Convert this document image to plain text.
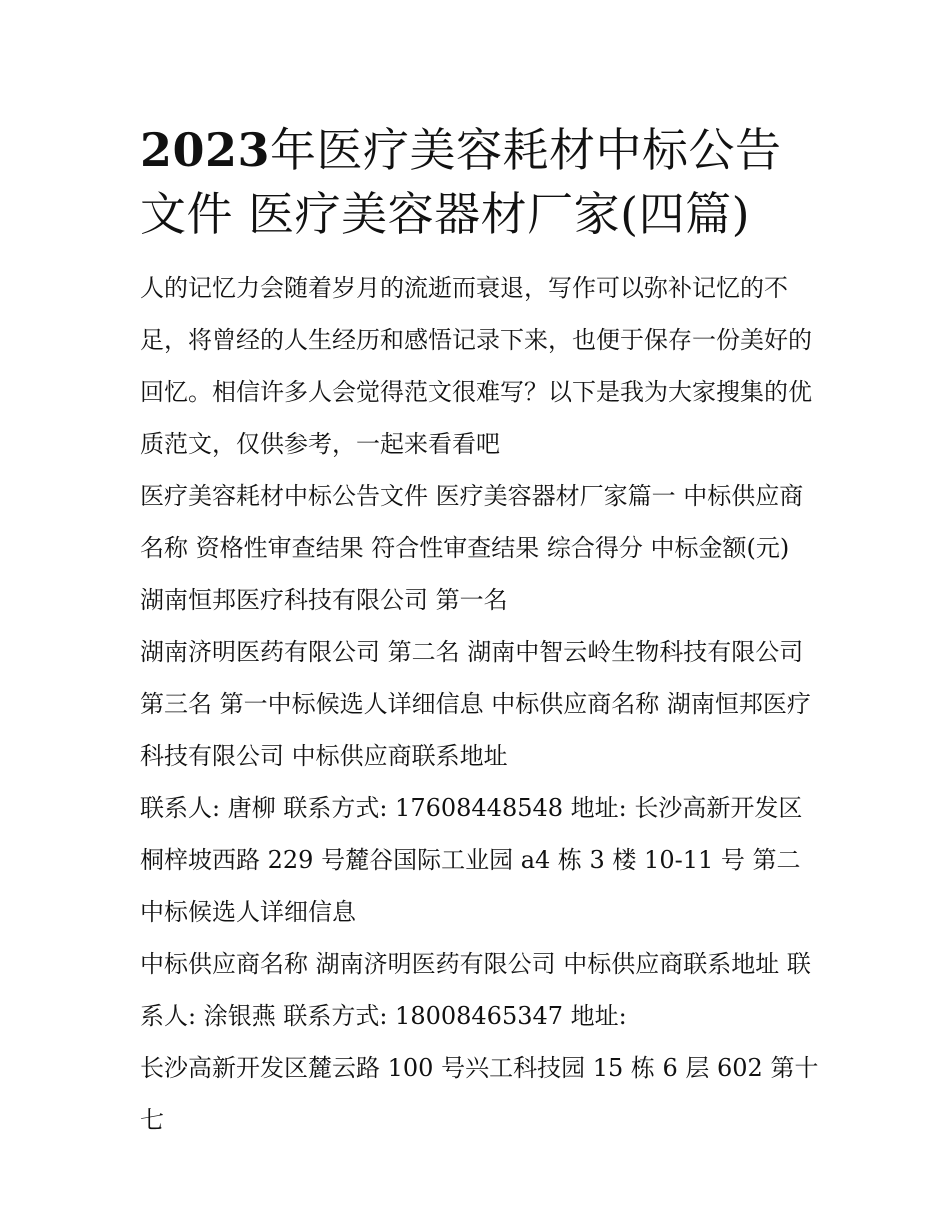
2023年医疗美容耗材中标公告文件 医疗美容器材厂家(四篇)

人的记忆力会随着岁月的流逝而衰退，写作可以弥补记忆的不足，将曾经的人生经历和感悟记录下来，也便于保存一份美好的回忆。相信许多人会觉得范文很难写？以下是我为大家搜集的优质范文，仅供参考，一起来看看吧

医疗美容耗材中标公告文件 医疗美容器材厂家篇一 中标供应商名称 资格性审查结果 符合性审查结果 综合得分 中标金额(元) 湖南恒邦医疗科技有限公司 第一名

湖南济明医药有限公司 第二名 湖南中智云岭生物科技有限公司 第三名 第一中标候选人详细信息 中标供应商名称 湖南恒邦医疗科技有限公司 中标供应商联系地址

联系人: 唐柳 联系方式: 17608448548 地址: 长沙高新开发区桐梓坡西路 229 号麓谷国际工业园 a4 栋 3 楼 10-11 号 第二中标候选人详细信息

中标供应商名称 湖南济明医药有限公司 中标供应商联系地址 联系人: 涂银燕 联系方式: 18008465347 地址:

长沙高新开发区麓云路 100 号兴工科技园 15 栋 6 层 602 第十七
